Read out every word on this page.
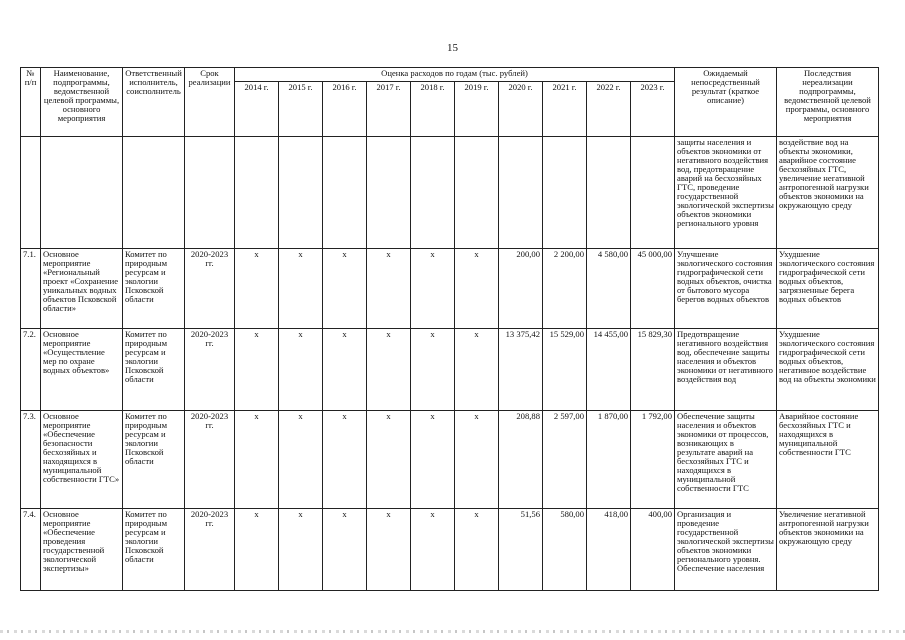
15
№ п/п	Наименование, подпрограммы, ведомственной целевой программы, основного мероприятия	Ответственный исполнитель, соисполнитель	Срок реализации	Оценка расходов по годам (тыс. рублей)										Ожидаемый непосредственный результат (краткое описание)	Последствия нереализации подпрограммы, ведомственной целевой программы, основного мероприятия
				2014 г.	2015 г.	2016 г.	2017 г.	2018 г.	2019 г.	2020 г.	2021 г.	2022 г.	2023 г.		
														защиты населения и объектов экономики от негативного воздействия вод, предотвращение аварий на бесхозяйных ГТС, проведение государственной экологической экспертизы объектов экономики регионального уровня	воздействие вод на объекты экономики, аварийное состояние бесхозяйных ГТС, увеличение негативной антропогенной нагрузки объектов экономики на окружающую среду
7.1.	Основное мероприятие «Региональный проект «Сохранение уникальных водных объектов Псковской области»	Комитет по природным ресурсам и экологии Псковской области	2020-2023 гг.	x	x	x	x	x	x	200,00	2 200,00	4 580,00	45 000,00	Улучшение экологического состояния гидрографической сети водных объектов, очистка от бытового мусора берегов водных объектов	Ухудшение экологического состояния гидрографической сети водных объектов, загрязненные берега водных объектов
7.2.	Основное мероприятие «Осуществление мер по охране водных объектов»	Комитет по природным ресурсам и экологии Псковской области	2020-2023 гг.	x	x	x	x	x	x	13 375,42	15 529,00	14 455,00	15 829,30	Предотвращение негативного воздействия вод, обеспечение защиты населения и объектов экономики от негативного воздействия вод	Ухудшение экологического состояния гидрографической сети водных объектов, негативное воздействие вод на объекты экономики
7.3.	Основное мероприятие «Обеспечение безопасности бесхозяйных и находящихся в муниципальной собственности ГТС»	Комитет по природным ресурсам и экологии Псковской области	2020-2023 гг.	x	x	x	x	x	x	208,88	2 597,00	1 870,00	1 792,00	Обеспечение защиты населения и объектов экономики от процессов, возникающих в результате аварий на бесхозяйных ГТС и находящихся в муниципальной собственности ГТС	Аварийное состояние бесхозяйных ГТС и находящихся в муниципальной собственности ГТС
7.4.	Основное мероприятие «Обеспечение проведения государственной экологической экспертизы»	Комитет по природным ресурсам и экологии Псковской области	2020-2023 гг.	x	x	x	x	x	x	51,56	580,00	418,00	400,00	Организация и проведение государственной экологической экспертизы объектов экономики регионального уровня. Обеспечение населения	Увеличение негативной антропогенной нагрузки объектов экономики на окружающую среду
